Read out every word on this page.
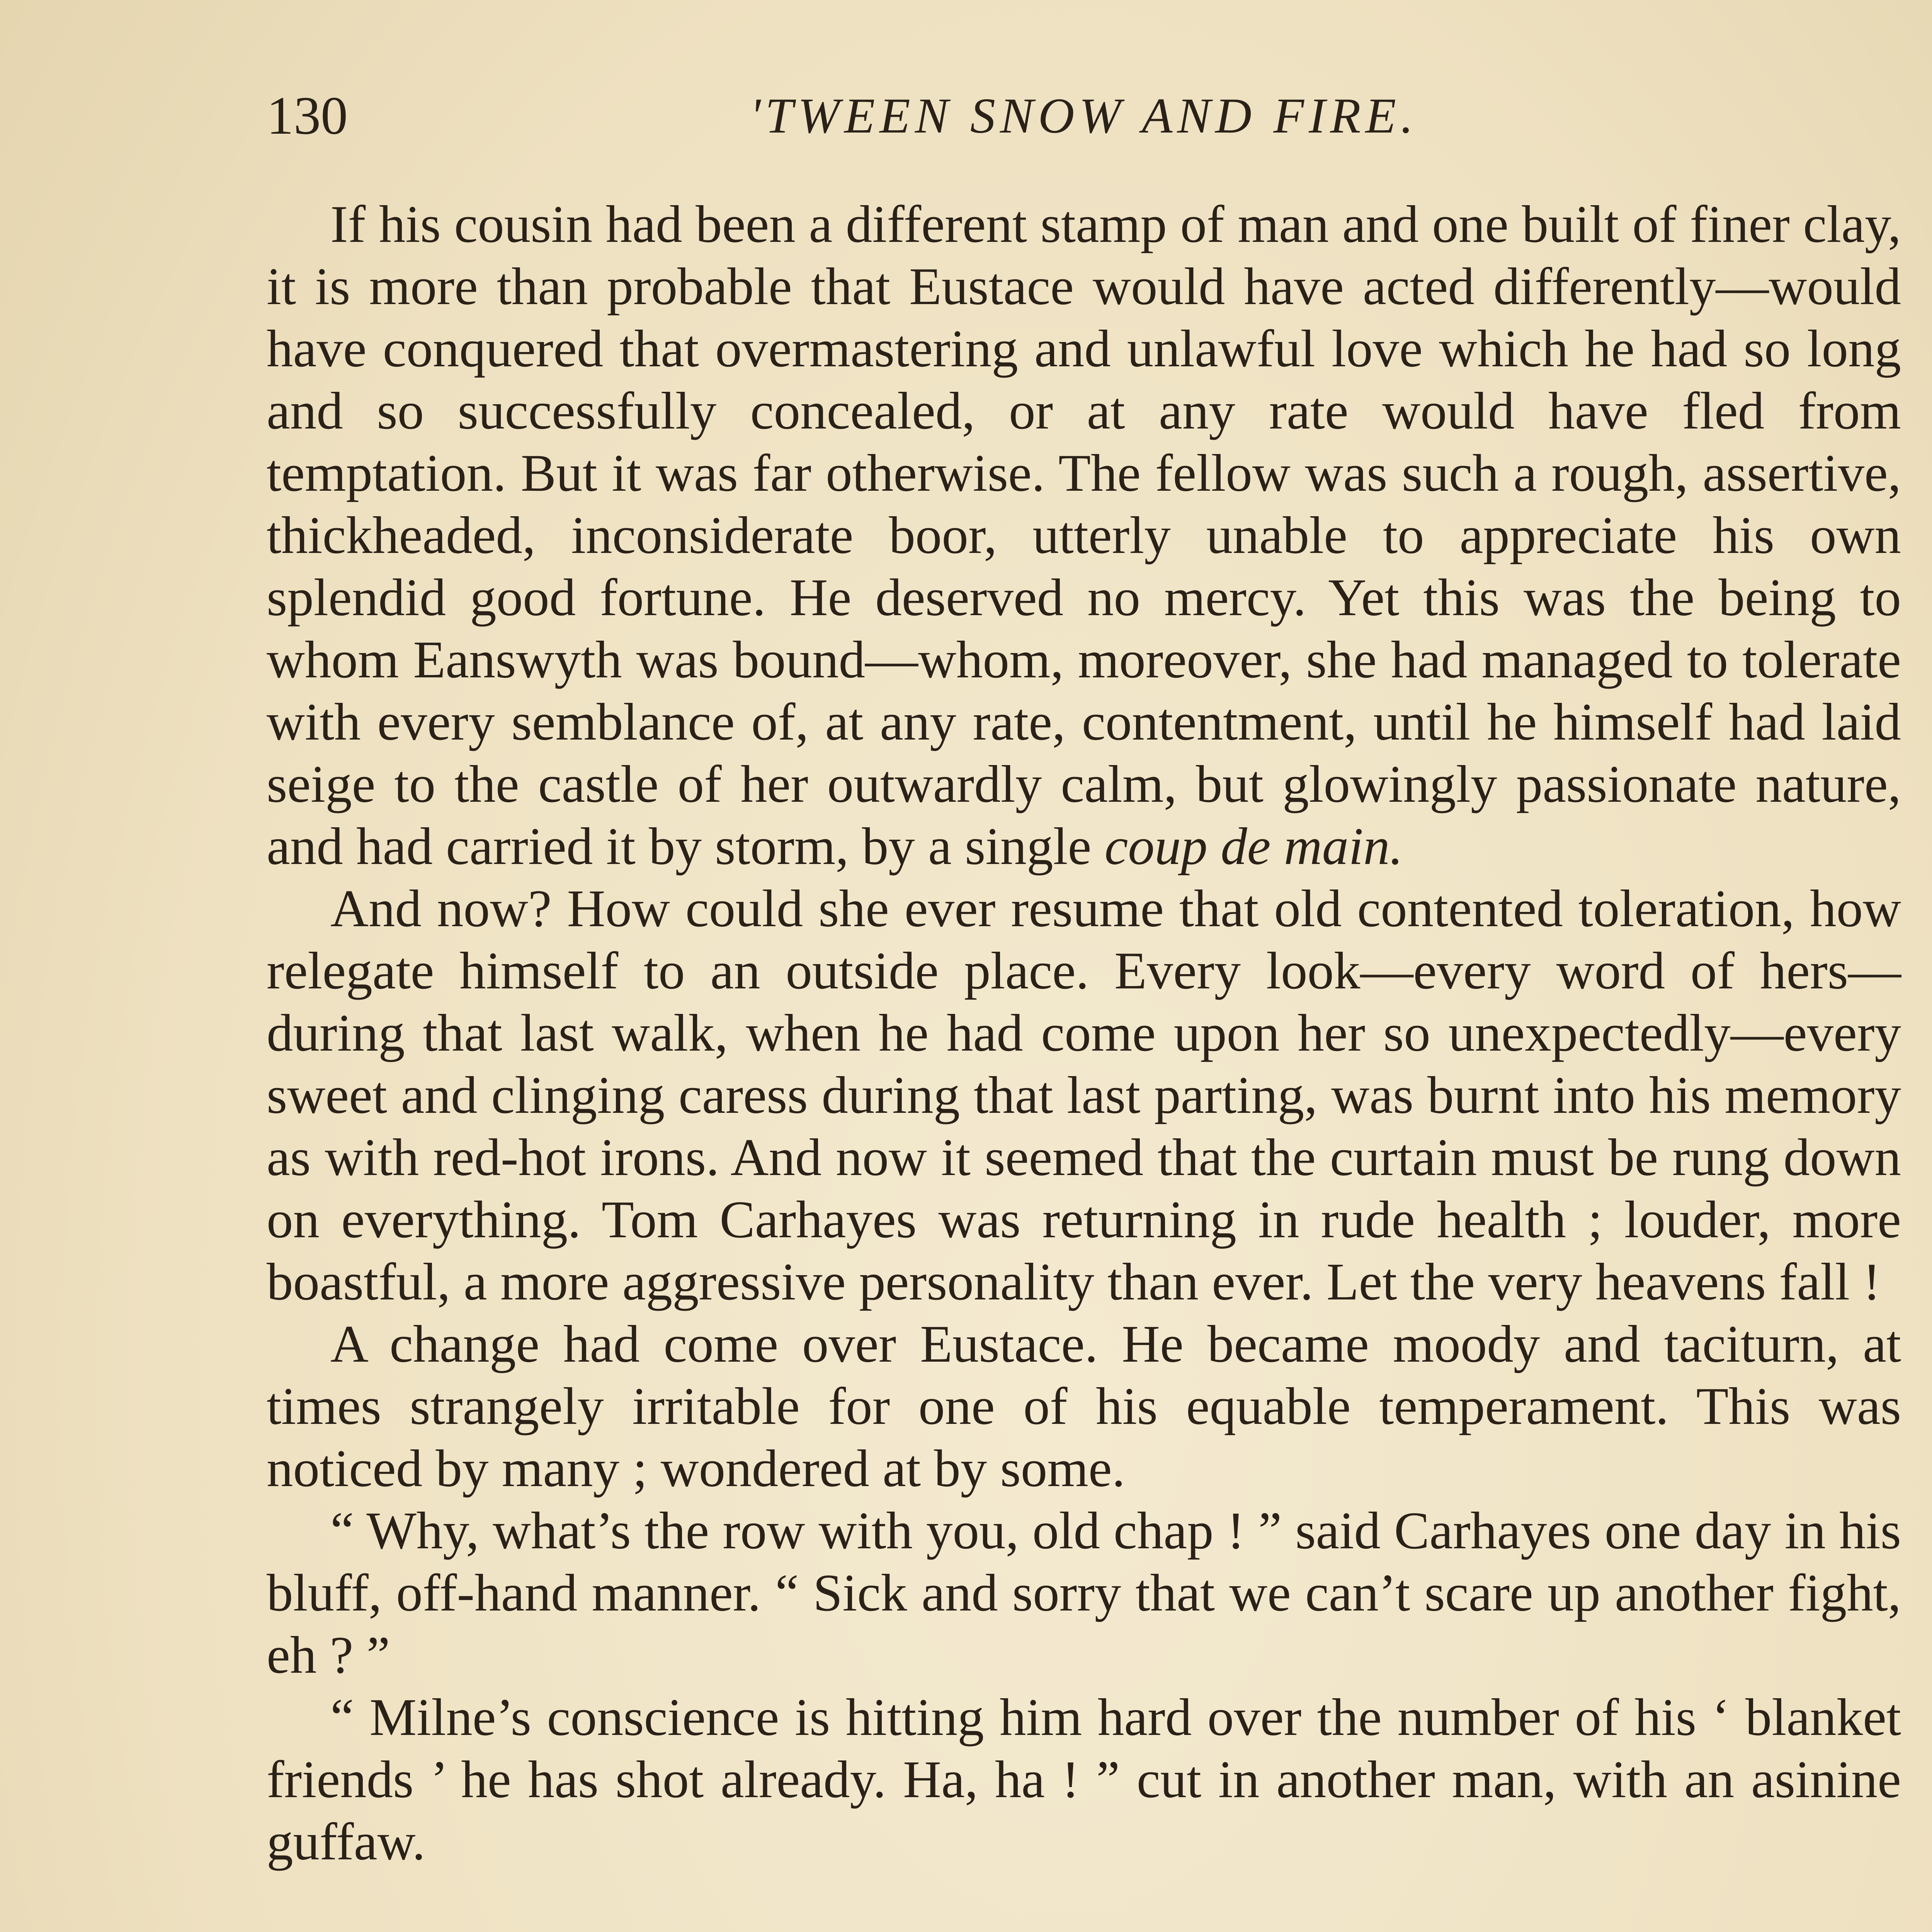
130	'TWEEN SNOW AND FIRE.

If his cousin had been a different stamp of man and one built of finer clay, it is more than probable that Eustace would have acted differently—would have conquered that overmastering and unlawful love which he had so long and so successfully concealed, or at any rate would have fled from temptation. But it was far otherwise. The fellow was such a rough, assertive, thickheaded, inconsiderate boor, utterly unable to appreciate his own splendid good fortune. He deserved no mercy. Yet this was the being to whom Eanswyth was bound—whom, moreover, she had managed to tolerate with every semblance of, at any rate, contentment, until he himself had laid seige to the castle of her outwardly calm, but glowingly passionate nature, and had carried it by storm, by a single coup de main.

And now? How could she ever resume that old contented toleration, how relegate himself to an outside place. Every look—every word of hers—during that last walk, when he had come upon her so unexpectedly—every sweet and clinging caress during that last parting, was burnt into his memory as with red-hot irons. And now it seemed that the curtain must be rung down on everything. Tom Carhayes was returning in rude health ; louder, more boastful, a more aggressive personality than ever. Let the very heavens fall !

A change had come over Eustace. He became moody and taciturn, at times strangely irritable for one of his equable temperament. This was noticed by many ; wondered at by some.

“ Why, what’s the row with you, old chap ! ” said Carhayes one day in his bluff, off-hand manner. “ Sick and sorry that we can’t scare up another fight, eh ? ”

“ Milne’s conscience is hitting him hard over the number of his ‘ blanket friends ’ he has shot already. Ha, ha ! ” cut in another man, with an asinine guffaw.
